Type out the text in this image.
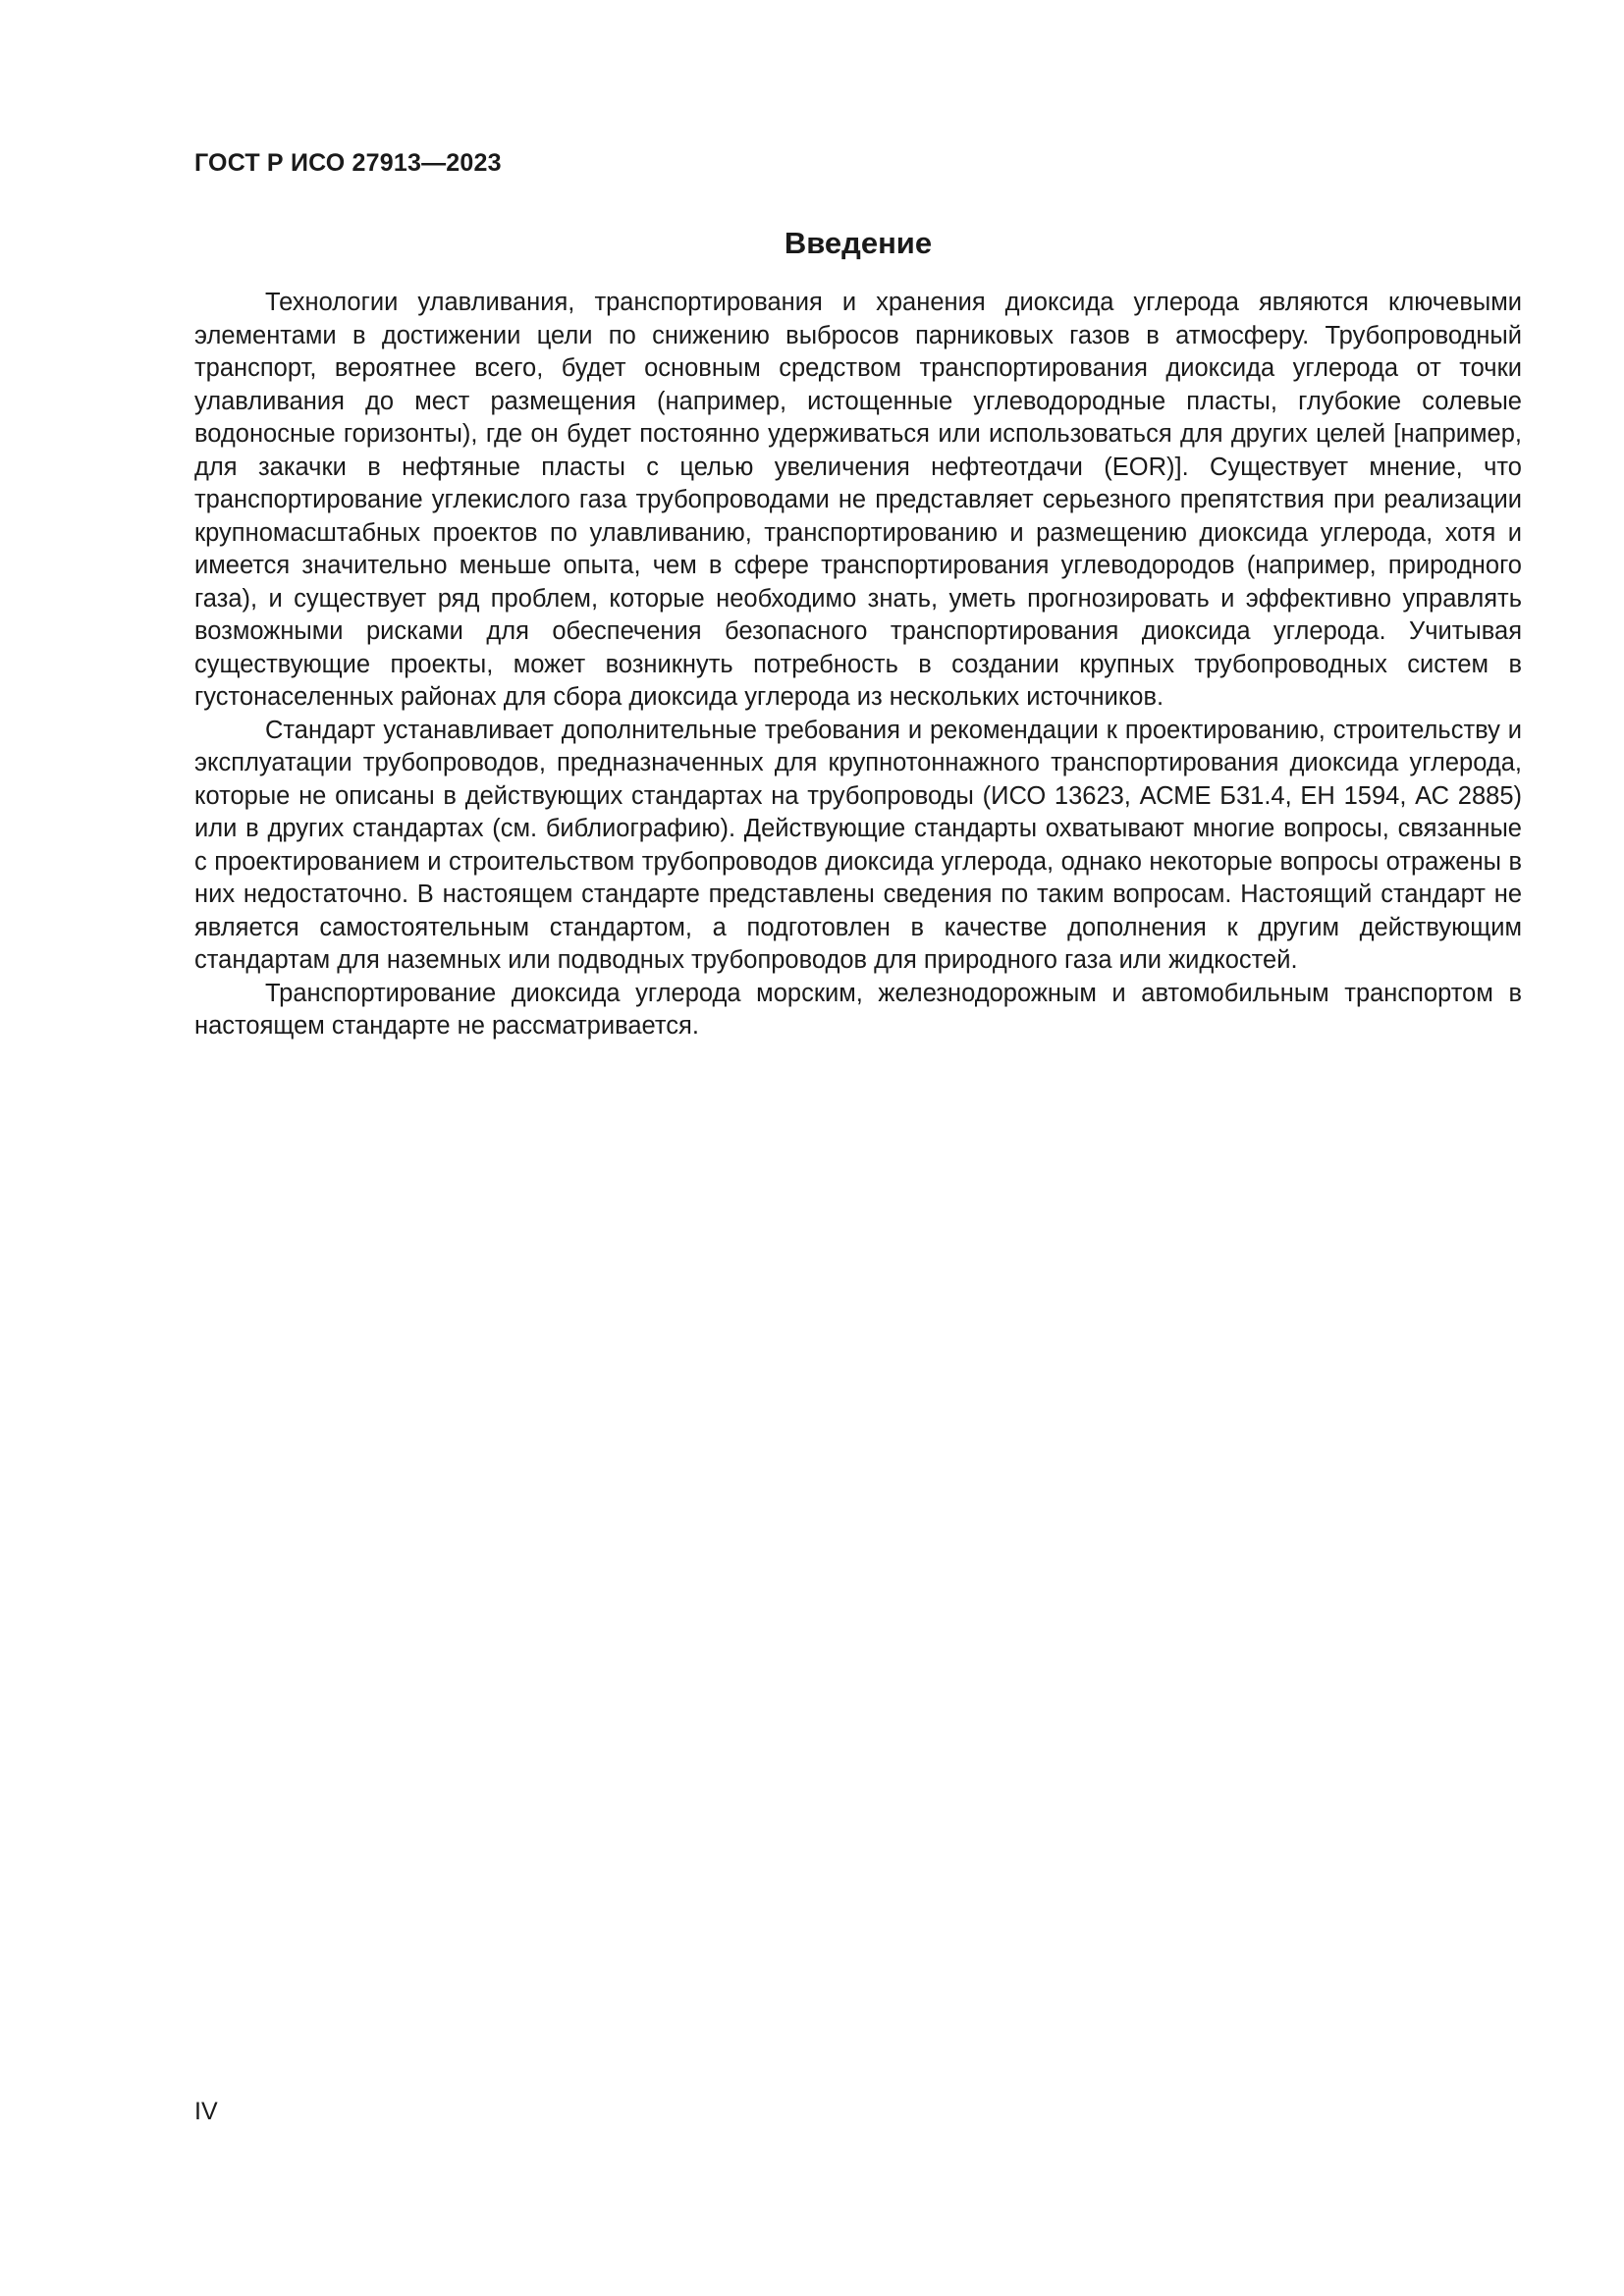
ГОСТ Р ИСО 27913—2023
Введение

Технологии улавливания, транспортирования и хранения диоксида углерода являются ключевыми элементами в достижении цели по снижению выбросов парниковых газов в атмосферу. Трубопроводный транспорт, вероятнее всего, будет основным средством транспортирования диоксида углерода от точки улавливания до мест размещения (например, истощенные углеводородные пласты, глубокие солевые водоносные горизонты), где он будет постоянно удерживаться или использоваться для других целей [например, для закачки в нефтяные пласты с целью увеличения нефтеотдачи (EOR)]. Существует мнение, что транспортирование углекислого газа трубопроводами не представляет серьезного препятствия при реализации крупномасштабных проектов по улавливанию, транспортированию и размещению диоксида углерода, хотя и имеется значительно меньше опыта, чем в сфере транспортирования углеводородов (например, природного газа), и существует ряд проблем, которые необходимо знать, уметь прогнозировать и эффективно управлять возможными рисками для обеспечения безопасного транспортирования диоксида углерода. Учитывая существующие проекты, может возникнуть потребность в создании крупных трубопроводных систем в густонаселенных районах для сбора диоксида углерода из нескольких источников.

Стандарт устанавливает дополнительные требования и рекомендации к проектированию, строительству и эксплуатации трубопроводов, предназначенных для крупнотоннажного транспортирования диоксида углерода, которые не описаны в действующих стандартах на трубопроводы (ИСО 13623, АСМЕ Б31.4, ЕН 1594, АС 2885) или в других стандартах (см. библиографию). Действующие стандарты охватывают многие вопросы, связанные с проектированием и строительством трубопроводов диоксида углерода, однако некоторые вопросы отражены в них недостаточно. В настоящем стандарте представлены сведения по таким вопросам. Настоящий стандарт не является самостоятельным стандартом, а подготовлен в качестве дополнения к другим действующим стандартам для наземных или подводных трубопроводов для природного газа или жидкостей.

Транспортирование диоксида углерода морским, железнодорожным и автомобильным транспортом в настоящем стандарте не рассматривается.

IV
